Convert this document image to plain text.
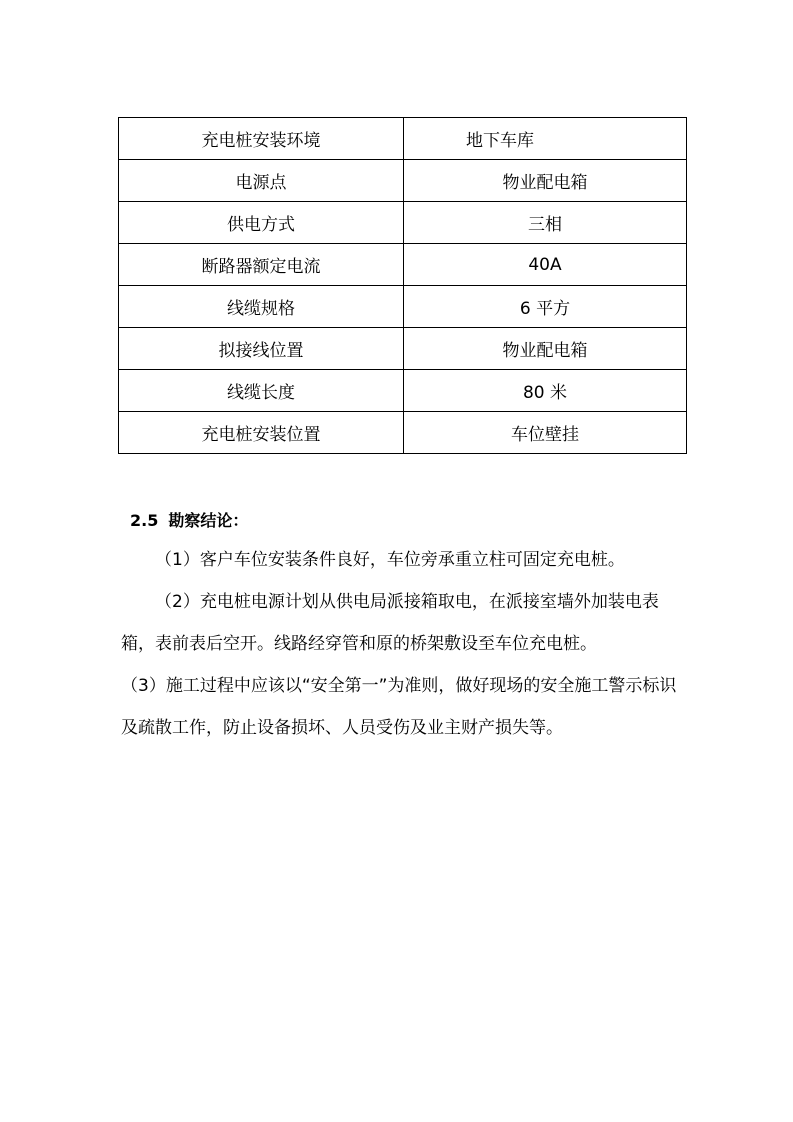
充电桩安装环境	地下车库
电源点	物业配电箱
供电方式	三相
断路器额定电流	40A
线缆规格	6 平方
拟接线位置	物业配电箱
线缆长度	80 米
充电桩安装位置	车位壁挂
2.5 勘察结论：

（1）客户车位安装条件良好，车位旁承重立柱可固定充电桩。

（2）充电桩电源计划从供电局派接箱取电，在派接室墙外加装电表箱，表前表后空开。线路经穿管和原的桥架敷设至车位充电桩。

（3）施工过程中应该以“安全第一”为准则，做好现场的安全施工警示标识及疏散工作，防止设备损坏、人员受伤及业主财产损失等。
